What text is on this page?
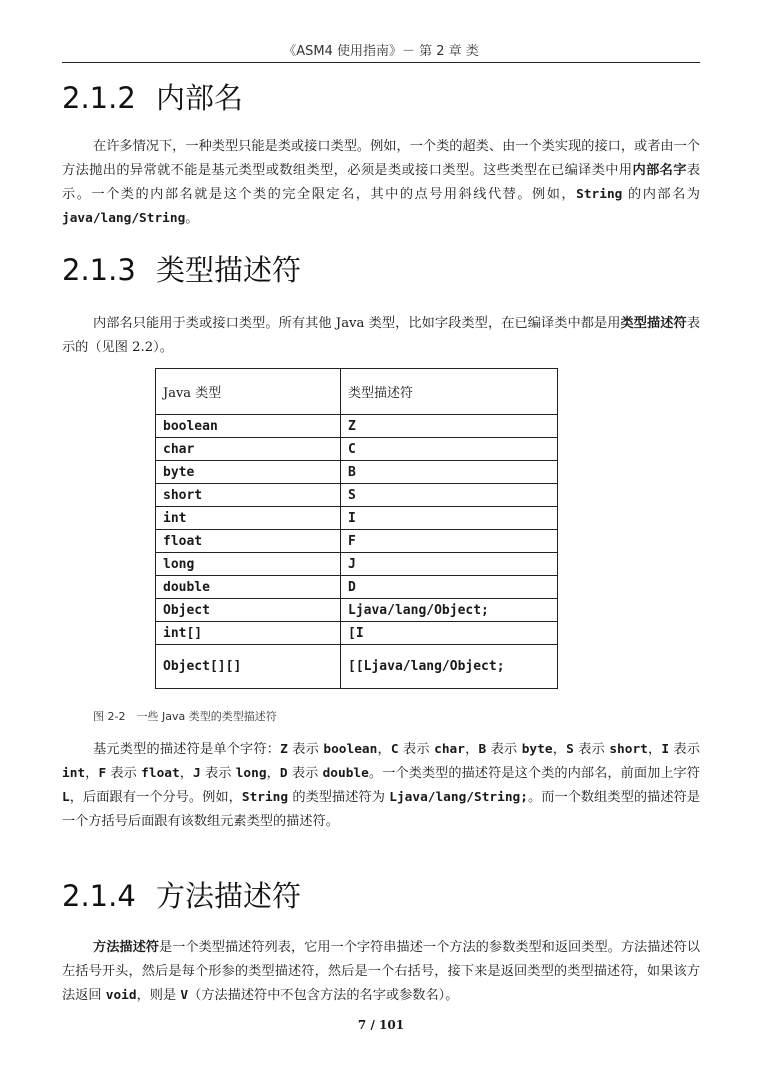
《ASM4 使用指南》－ 第 2 章 类
2.1.2 内部名

在许多情况下，一种类型只能是类或接口类型。例如，一个类的超类、由一个类实现的接口，或者由一个方法抛出的异常就不能是基元类型或数组类型，必须是类或接口类型。这些类型在已编译类中用内部名字表示。一个类的内部名就是这个类的完全限定名，其中的点号用斜线代替。例如，String 的内部名为 java/lang/String。

2.1.3 类型描述符

内部名只能用于类或接口类型。所有其他 Java 类型，比如字段类型，在已编译类中都是用类型描述符表示的（见图 2.2）。

Java 类型	类型描述符
boolean	Z
char	C
byte	B
short	S
int	I
float	F
long	J
double	D
Object	Ljava/lang/Object;
int[]	[I
Object[][]	[[Ljava/lang/Object;
图 2-2　一些 Java 类型的类型描述符

基元类型的描述符是单个字符：Z 表示 boolean，C 表示 char，B 表示 byte，S 表示 short，I 表示 int，F 表示 float，J 表示 long，D 表示 double。一个类类型的描述符是这个类的内部名，前面加上字符 L，后面跟有一个分号。例如，String 的类型描述符为 Ljava/lang/String;。而一个数组类型的描述符是一个方括号后面跟有该数组元素类型的描述符。

2.1.4 方法描述符

方法描述符是一个类型描述符列表，它用一个字符串描述一个方法的参数类型和返回类型。方法描述符以左括号开头，然后是每个形参的类型描述符，然后是一个右括号，接下来是返回类型的类型描述符，如果该方法返回 void，则是 V（方法描述符中不包含方法的名字或参数名）。

7 / 101
